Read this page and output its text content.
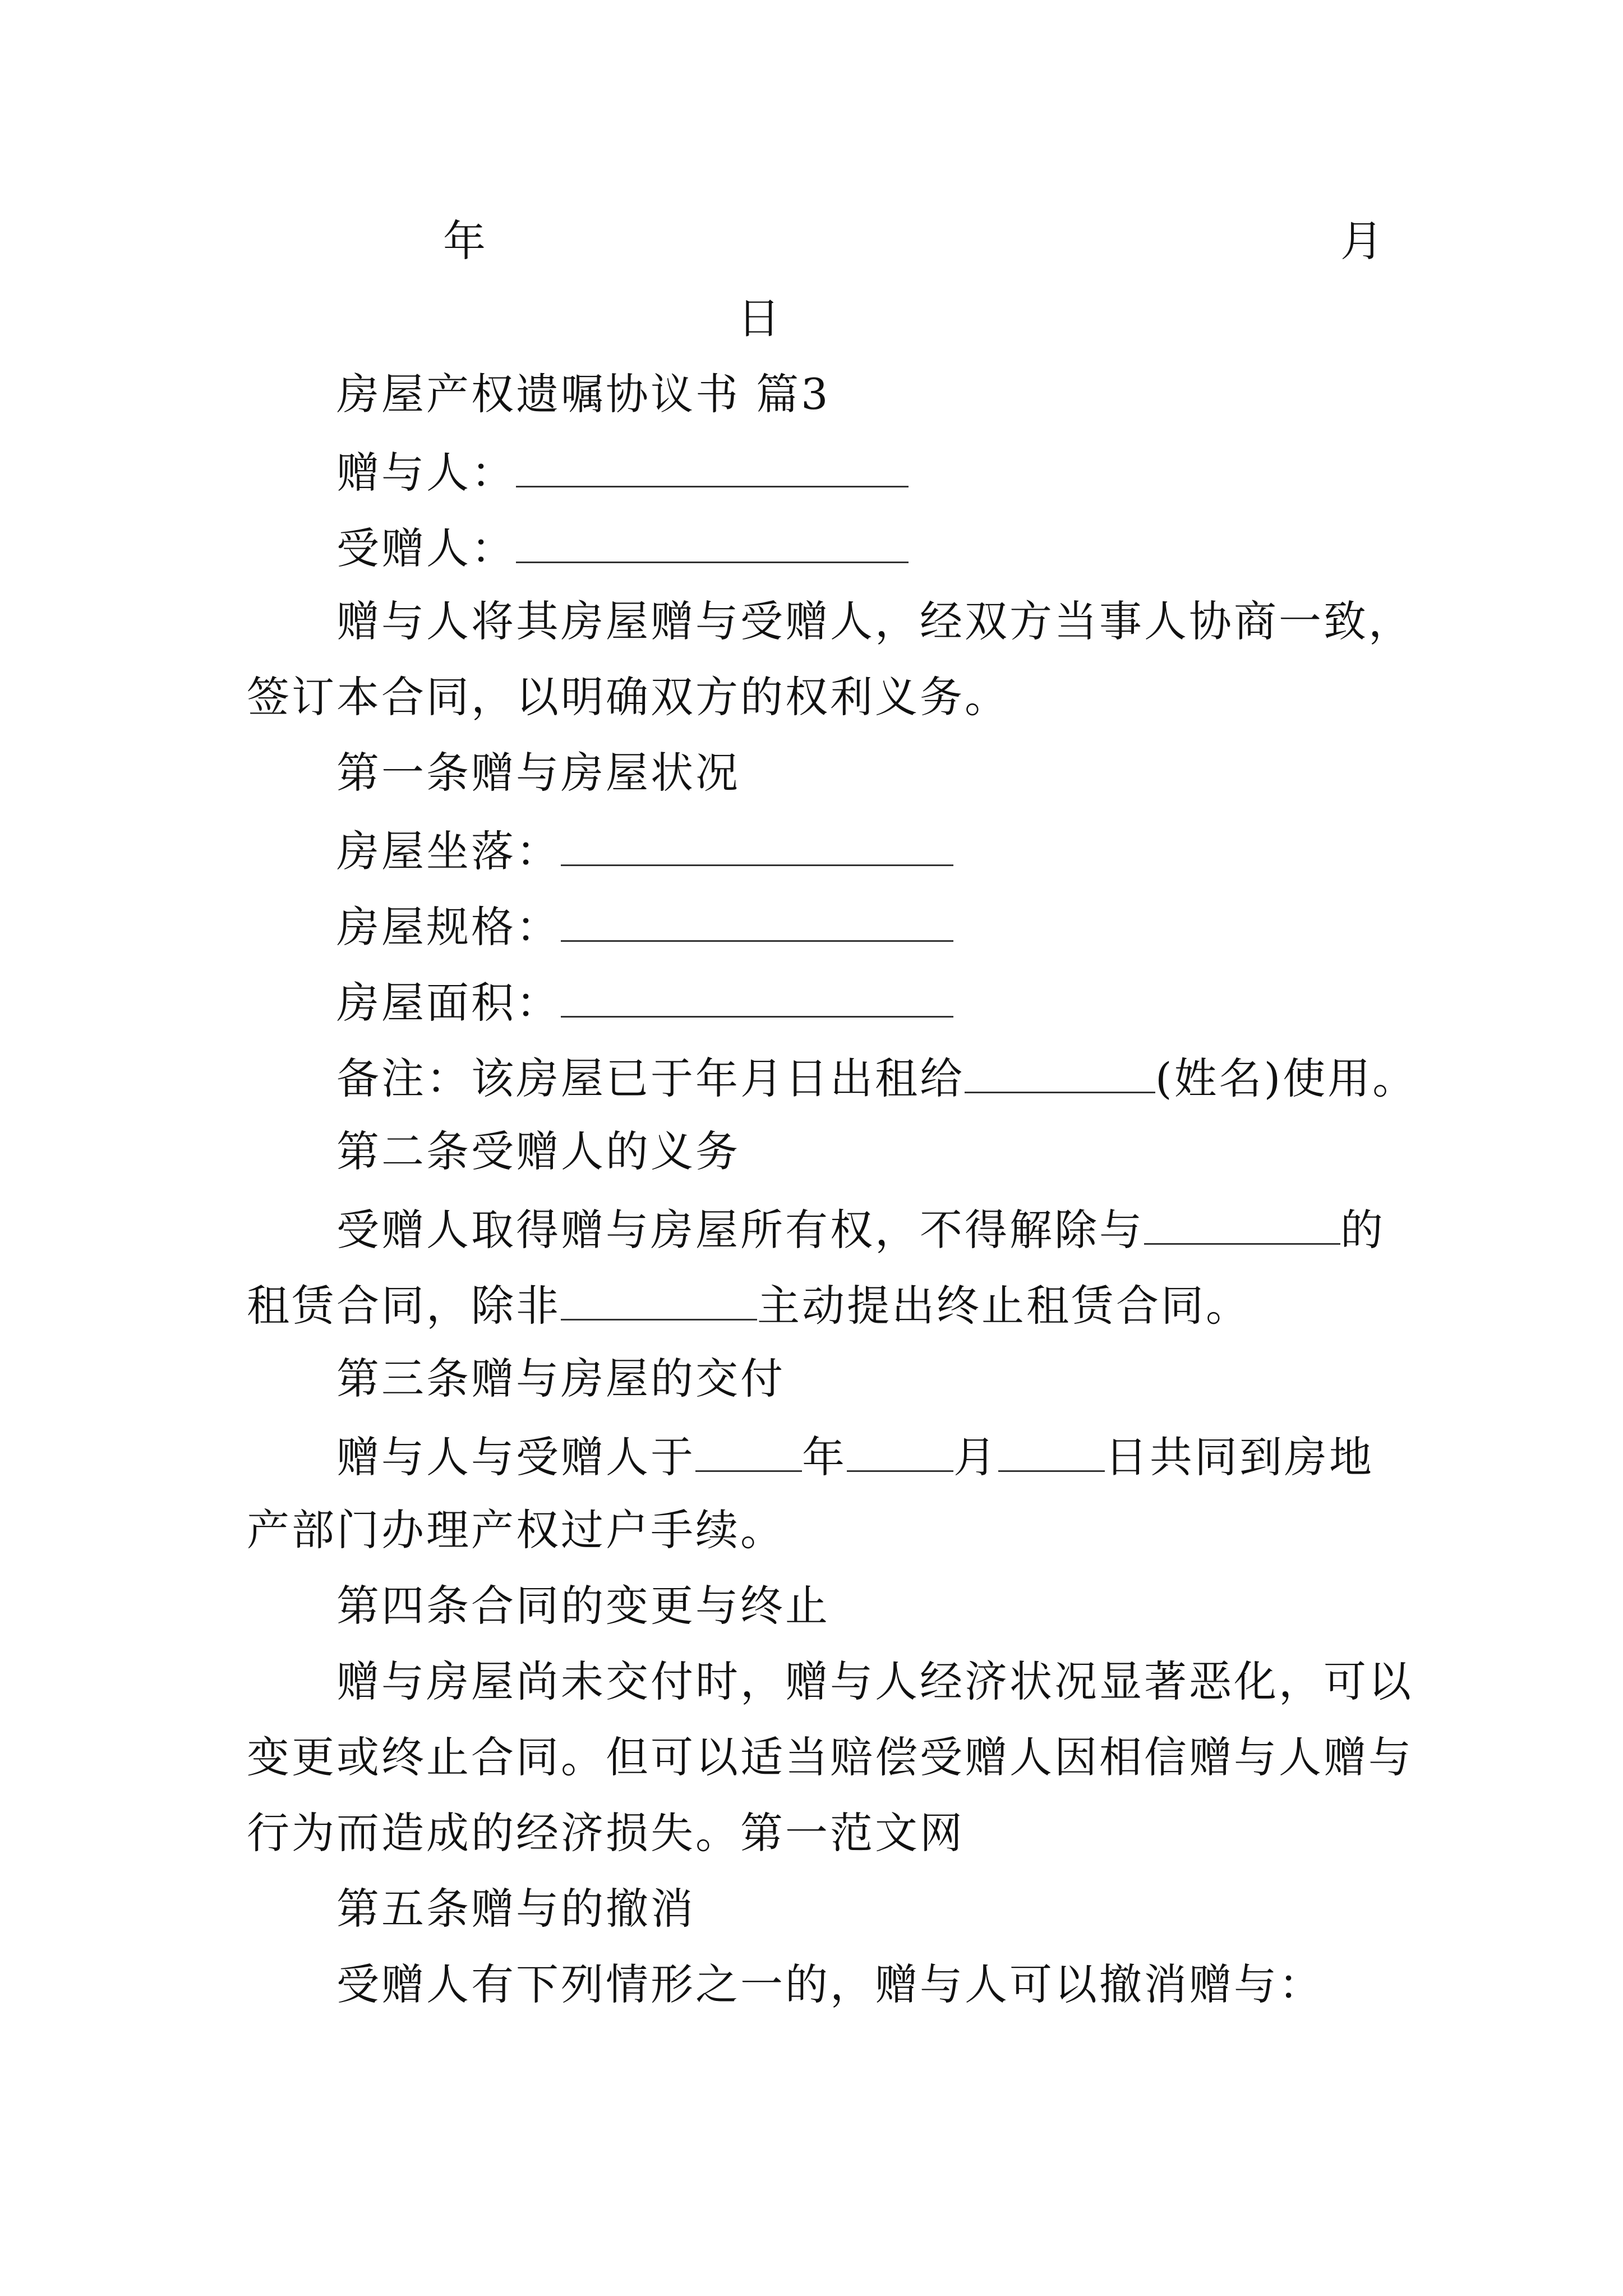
年	月
日
房屋产权遗嘱协议书 篇3
赠与人：
受赠人：
赠与人将其房屋赠与受赠人，经双方当事人协商一致，
签订本合同，以明确双方的权利义务。
第一条赠与房屋状况
房屋坐落：
房屋规格：
房屋面积：
备注：该房屋已于年月日出租给	(姓名)使用。
第二条受赠人的义务
受赠人取得赠与房屋所有权，不得解除与	的
租赁合同，除非	主动提出终止租赁合同。
第三条赠与房屋的交付
赠与人与受赠人于	年	月	日共同到房地
产部门办理产权过户手续。
第四条合同的变更与终止
赠与房屋尚未交付时，赠与人经济状况显著恶化，可以
变更或终止合同。但可以适当赔偿受赠人因相信赠与人赠与
行为而造成的经济损失。第一范文网
第五条赠与的撤消
受赠人有下列情形之一的，赠与人可以撤消赠与：
